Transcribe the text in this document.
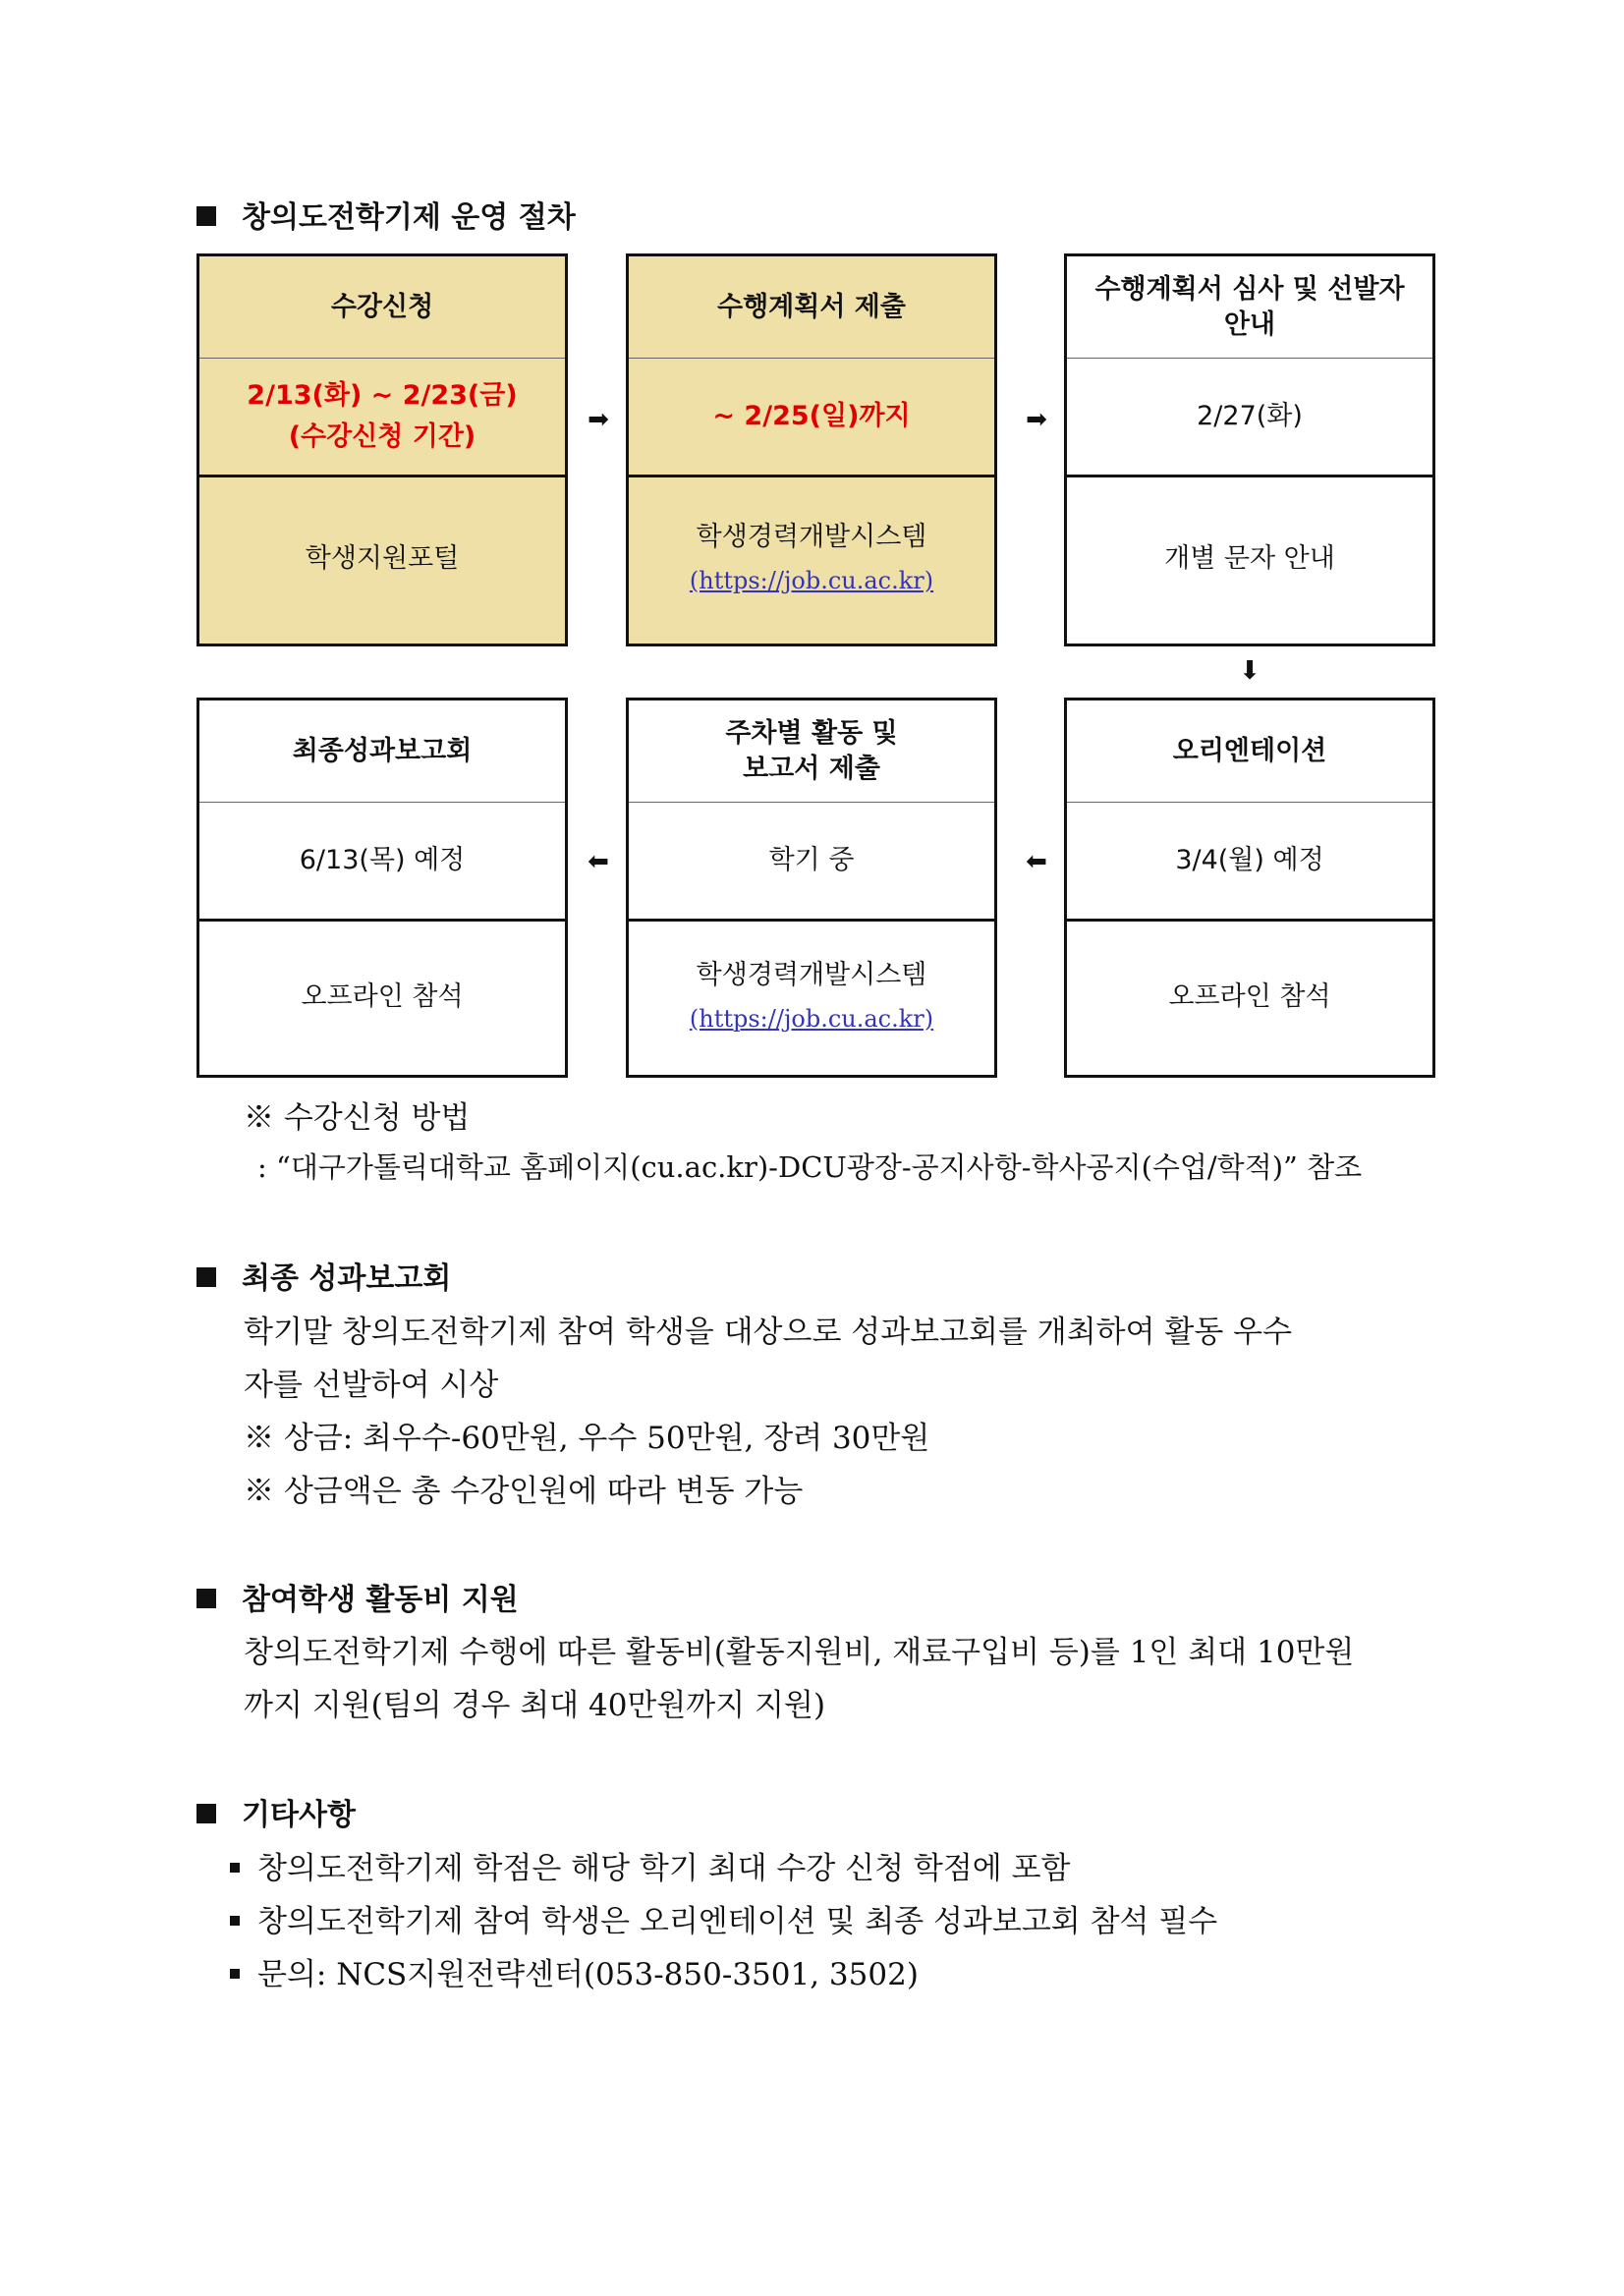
창의도전학기제 운영 절차
수강신청
2/13(화) ~ 2/23(금)
(수강신청 기간)
학생지원포털
➡
수행계획서 제출
~ 2/25(일)까지
학생경력개발시스템
(https://job.cu.ac.kr)
➡
수행계획서 심사 및 선발자
안내
2/27(화)
개별 문자 안내
⬇
최종성과보고회
6/13(목) 예정
오프라인 참석
⬅
주차별 활동 및
보고서 제출
학기 중
학생경력개발시스템
(https://job.cu.ac.kr)
⬅
오리엔테이션
3/4(월) 예정
오프라인 참석
※ 수강신청 방법
: “대구가톨릭대학교 홈페이지(cu.ac.kr)-DCU광장-공지사항-학사공지(수업/학적)” 참조
최종 성과보고회
학기말 창의도전학기제 참여 학생을 대상으로 성과보고회를 개최하여 활동 우수
자를 선발하여 시상
※ 상금: 최우수-60만원, 우수 50만원, 장려 30만원
※ 상금액은 총 수강인원에 따라 변동 가능
참여학생 활동비 지원
창의도전학기제 수행에 따른 활동비(활동지원비, 재료구입비 등)를 1인 최대 10만원
까지 지원(팀의 경우 최대 40만원까지 지원)
기타사항
창의도전학기제 학점은 해당 학기 최대 수강 신청 학점에 포함
창의도전학기제 참여 학생은 오리엔테이션 및 최종 성과보고회 참석 필수
문의: NCS지원전략센터(053-850-3501, 3502)
